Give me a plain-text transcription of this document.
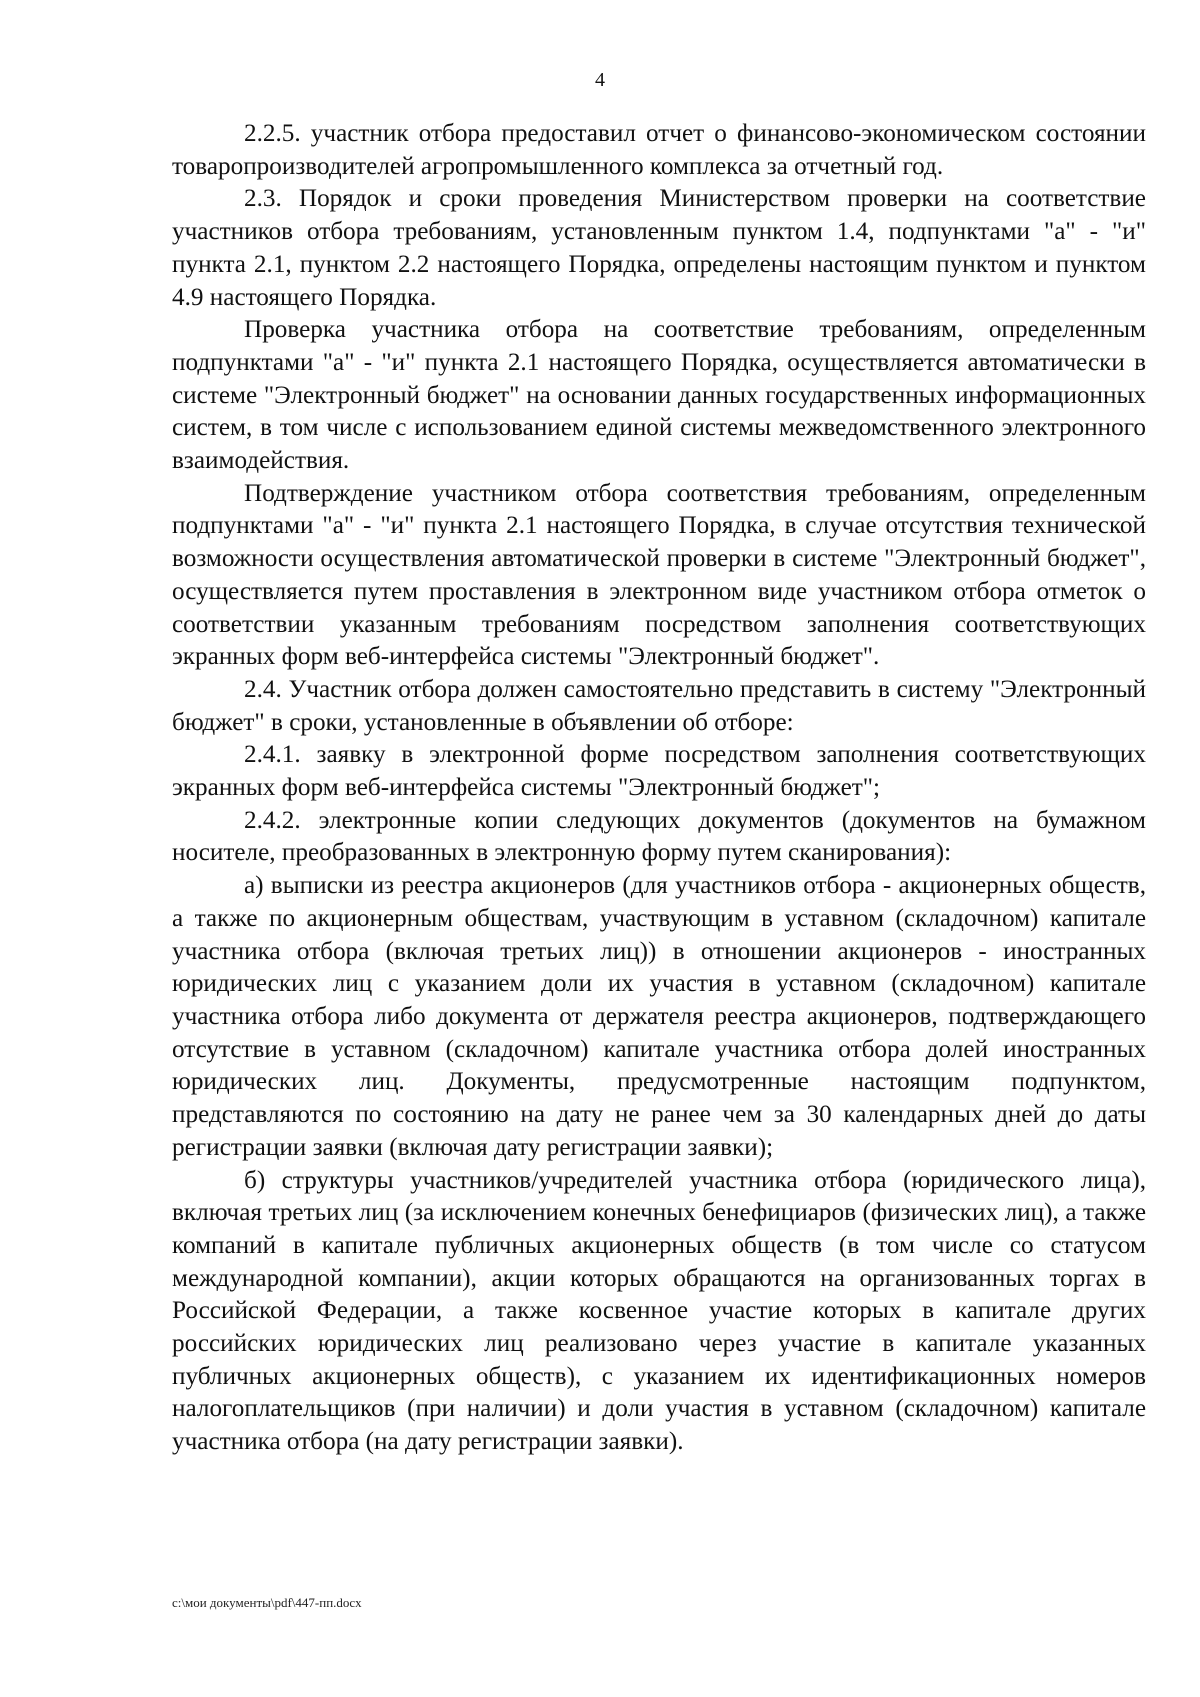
4

2.2.5. участник отбора предоставил отчет о финансово-экономическом состоянии товаропроизводителей агропромышленного комплекса за отчетный год.

2.3. Порядок и сроки проведения Министерством проверки на соответствие участников отбора требованиям, установленным пунктом 1.4, подпунктами "а" - "и" пункта 2.1, пунктом 2.2 настоящего Порядка, определены настоящим пунктом и пунктом 4.9 настоящего Порядка.

Проверка участника отбора на соответствие требованиям, определенным подпунктами "а" - "и" пункта 2.1 настоящего Порядка, осуществляется автоматически в системе "Электронный бюджет" на основании данных государственных информационных систем, в том числе с использованием единой системы межведомственного электронного взаимодействия.

Подтверждение участником отбора соответствия требованиям, определенным подпунктами "а" - "и" пункта 2.1 настоящего Порядка, в случае отсутствия технической возможности осуществления автоматической проверки в системе "Электронный бюджет", осуществляется путем проставления в электронном виде участником отбора отметок о соответствии указанным требованиям посредством заполнения соответствующих экранных форм веб-интерфейса системы "Электронный бюджет".

2.4. Участник отбора должен самостоятельно представить в систему "Электронный бюджет" в сроки, установленные в объявлении об отборе:

2.4.1. заявку в электронной форме посредством заполнения соответствующих экранных форм веб-интерфейса системы "Электронный бюджет";

2.4.2. электронные копии следующих документов (документов на бумажном носителе, преобразованных в электронную форму путем сканирования):

а) выписки из реестра акционеров (для участников отбора - акционерных обществ, а также по акционерным обществам, участвующим в уставном (складочном) капитале участника отбора (включая третьих лиц)) в отношении акционеров - иностранных юридических лиц с указанием доли их участия в уставном (складочном) капитале участника отбора либо документа от держателя реестра акционеров, подтверждающего отсутствие в уставном (складочном) капитале участника отбора долей иностранных юридических лиц. Документы, предусмотренные настоящим подпунктом, представляются по состоянию на дату не ранее чем за 30 календарных дней до даты регистрации заявки (включая дату регистрации заявки);

б) структуры участников/учредителей участника отбора (юридического лица), включая третьих лиц (за исключением конечных бенефициаров (физических лиц), а также компаний в капитале публичных акционерных обществ (в том числе со статусом международной компании), акции которых обращаются на организованных торгах в Российской Федерации, а также косвенное участие которых в капитале других российских юридических лиц реализовано через участие в капитале указанных публичных акционерных обществ), с указанием их идентификационных номеров налогоплательщиков (при наличии) и доли участия в уставном (складочном) капитале участника отбора (на дату регистрации заявки).

c:\мои документы\pdf\447-пп.docx
